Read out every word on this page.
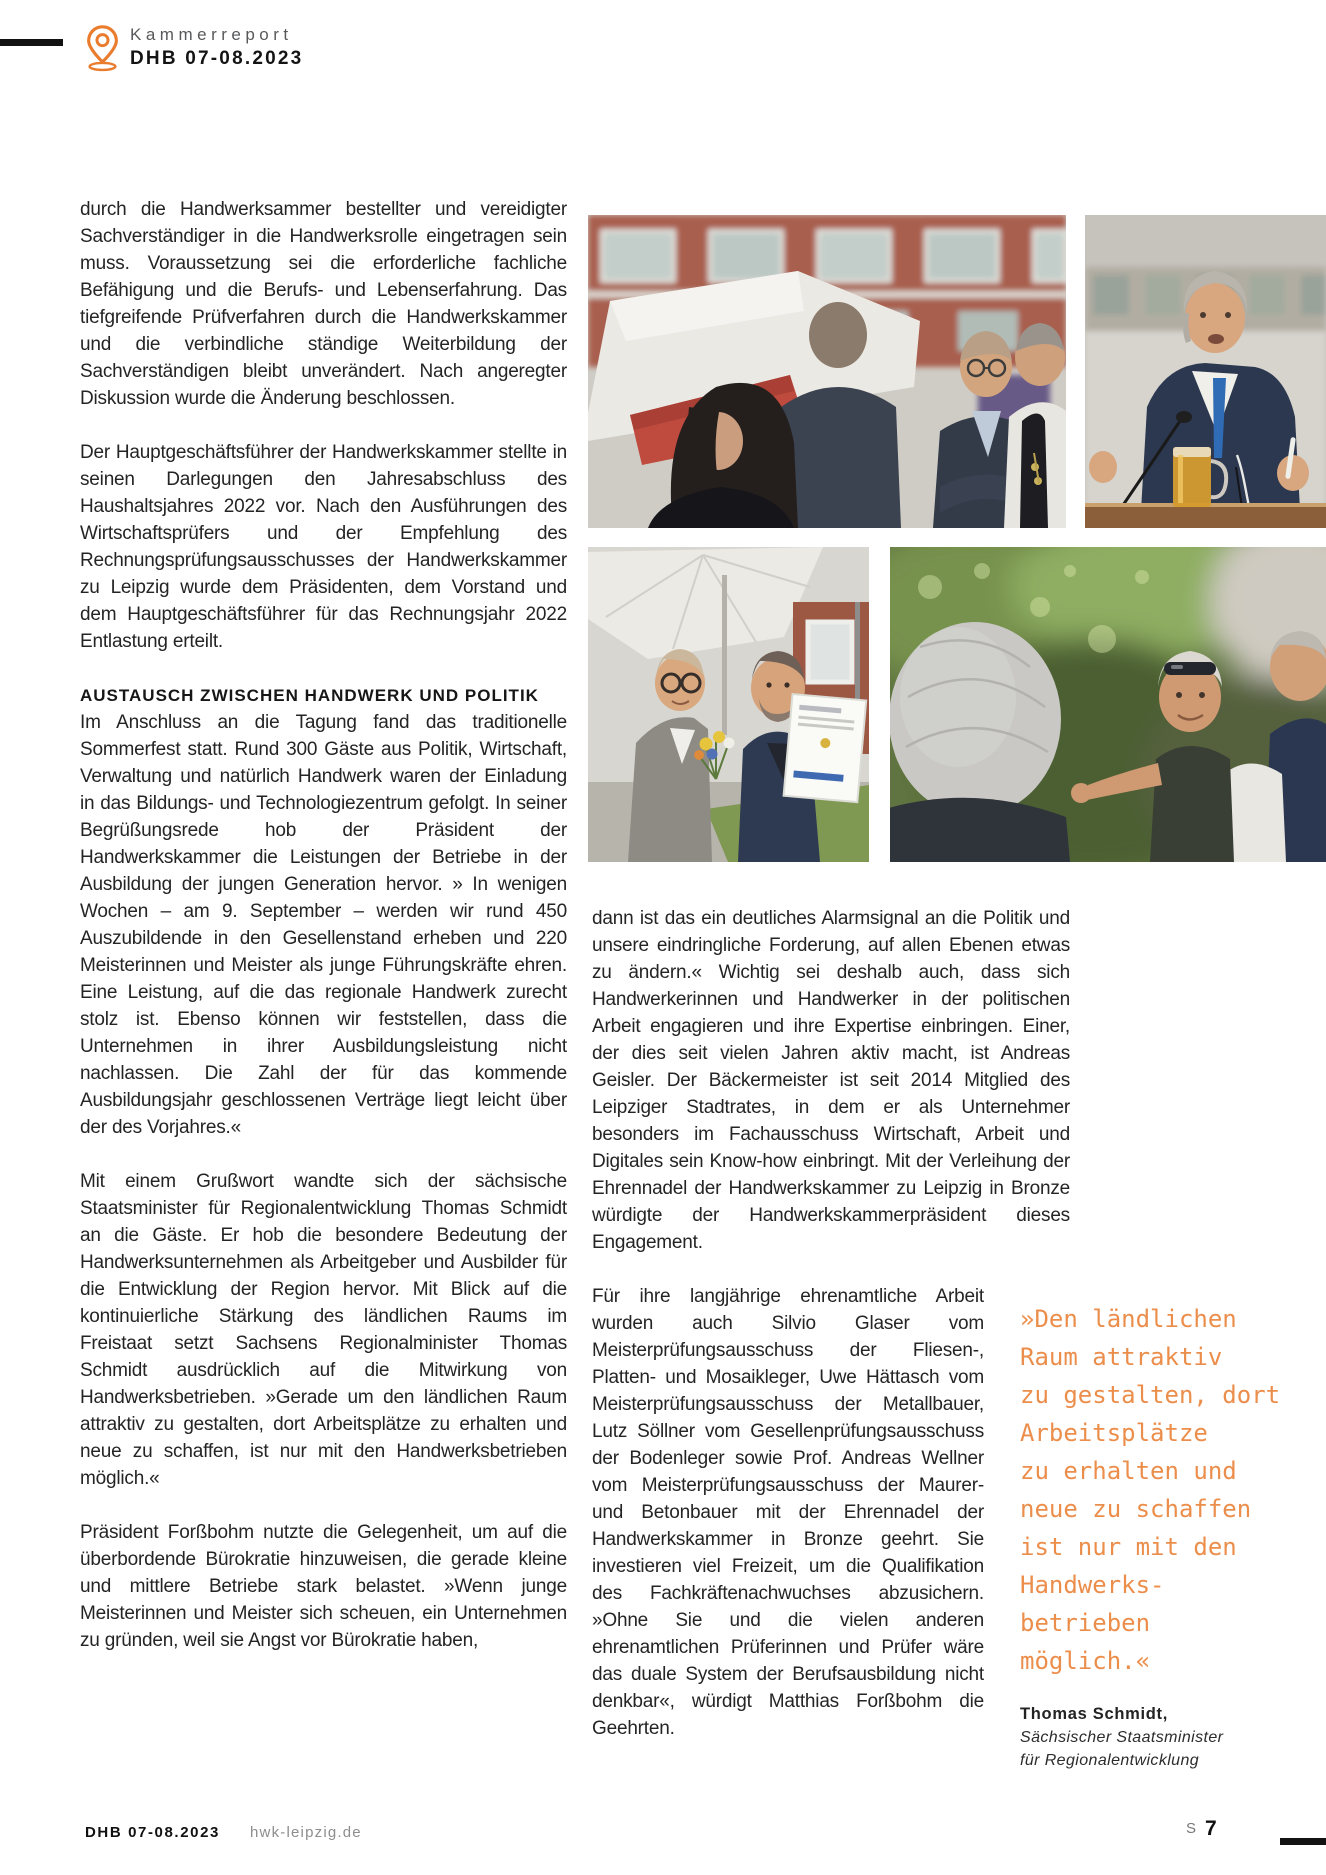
Kammerreport
DHB 07-08.2023

durch die Handwerksammer bestellter und vereidigter Sachverständiger in die Handwerksrolle eingetragen sein muss. Voraussetzung sei die erforderliche fachliche Befähigung und die Berufs- und Lebenserfahrung. Das tiefgreifende Prüfverfahren durch die Handwerkskammer und die verbindliche ständige Weiterbildung der Sachverständigen bleibt unverändert. Nach angeregter Diskussion wurde die Änderung beschlossen.

Der Hauptgeschäftsführer der Handwerkskammer stellte in seinen Darlegungen den Jahresabschluss des Haushaltsjahres 2022 vor. Nach den Ausführungen des Wirtschaftsprüfers und der Empfehlung des Rechnungsprüfungsausschusses der Handwerkskammer zu Leipzig wurde dem Präsidenten, dem Vorstand und dem Hauptgeschäftsführer für das Rechnungsjahr 2022 Entlastung erteilt.

AUSTAUSCH ZWISCHEN HANDWERK UND POLITIK

Im Anschluss an die Tagung fand das traditionelle Sommerfest statt. Rund 300 Gäste aus Politik, Wirtschaft, Verwaltung und natürlich Handwerk waren der Einladung in das Bildungs- und Technologiezentrum gefolgt. In seiner Begrüßungsrede hob der Präsident der Handwerkskammer die Leistungen der Betriebe in der Ausbildung der jungen Generation hervor. » In wenigen Wochen – am 9. September – werden wir rund 450 Auszubildende in den Gesellenstand erheben und 220 Meisterinnen und Meister als junge Führungskräfte ehren. Eine Leistung, auf die das regionale Handwerk zurecht stolz ist. Ebenso können wir feststellen, dass die Unternehmen in ihrer Ausbildungsleistung nicht nachlassen. Die Zahl der für das kommende Ausbildungsjahr geschlossenen Verträge liegt leicht über der des Vorjahres.«

Mit einem Grußwort wandte sich der sächsische Staatsminister für Regionalentwicklung Thomas Schmidt an die Gäste. Er hob die besondere Bedeutung der Handwerksunternehmen als Arbeitgeber und Ausbilder für die Entwicklung der Region hervor. Mit Blick auf die kontinuierliche Stärkung des ländlichen Raums im Freistaat setzt Sachsens Regionalminister Thomas Schmidt ausdrücklich auf die Mitwirkung von Handwerksbetrieben. »Gerade um den ländlichen Raum attraktiv zu gestalten, dort Arbeitsplätze zu erhalten und neue zu schaffen, ist nur mit den Handwerksbetrieben möglich.«

Präsident Forßbohm nutzte die Gelegenheit, um auf die überbordende Bürokratie hinzuweisen, die gerade kleine und mittlere Betriebe stark belastet. »Wenn junge Meisterinnen und Meister sich scheuen, ein Unternehmen zu gründen, weil sie Angst vor Bürokratie haben,

dann ist das ein deutliches Alarmsignal an die Politik und unsere eindringliche Forderung, auf allen Ebenen etwas zu ändern.« Wichtig sei deshalb auch, dass sich Handwerkerinnen und Handwerker in der politischen Arbeit engagieren und ihre Expertise einbringen. Einer, der dies seit vielen Jahren aktiv macht, ist Andreas Geisler. Der Bäckermeister ist seit 2014 Mitglied des Leipziger Stadtrates, in dem er als Unternehmer besonders im Fachausschuss Wirtschaft, Arbeit und Digitales sein Know-how einbringt. Mit der Verleihung der Ehrennadel der Handwerkskammer zu Leipzig in Bronze würdigte der Handwerkskammerpräsident dieses Engagement.

Für ihre langjährige ehrenamtliche Arbeit wurden auch Silvio Glaser vom Meisterprüfungsausschuss der Fliesen-, Platten- und Mosaikleger, Uwe Hättasch vom Meisterprüfungsausschuss der Metallbauer, Lutz Söllner vom Gesellenprüfungsausschuss der Bodenleger sowie Prof. Andreas Wellner vom Meisterprüfungsausschuss der Maurer- und Betonbauer mit der Ehrennadel der Handwerkskammer in Bronze geehrt. Sie investieren viel Freizeit, um die Qualifikation des Fachkräftenachwuchses abzusichern. »Ohne Sie und die vielen anderen ehrenamtlichen Prüferinnen und Prüfer wäre das duale System der Berufsausbildung nicht denkbar«, würdigt Matthias Forßbohm die Geehrten.

»Den ländlichen
Raum attraktiv
zu gestalten, dort
Arbeitsplätze
zu erhalten und
neue zu schaffen
ist nur mit den
Handwerks-
betrieben
möglich.«
Thomas Schmidt,
Sächsischer Staatsminister
für Regionalentwicklung
DHB 07-08.2023 hwk-leipzig.de	S 7
